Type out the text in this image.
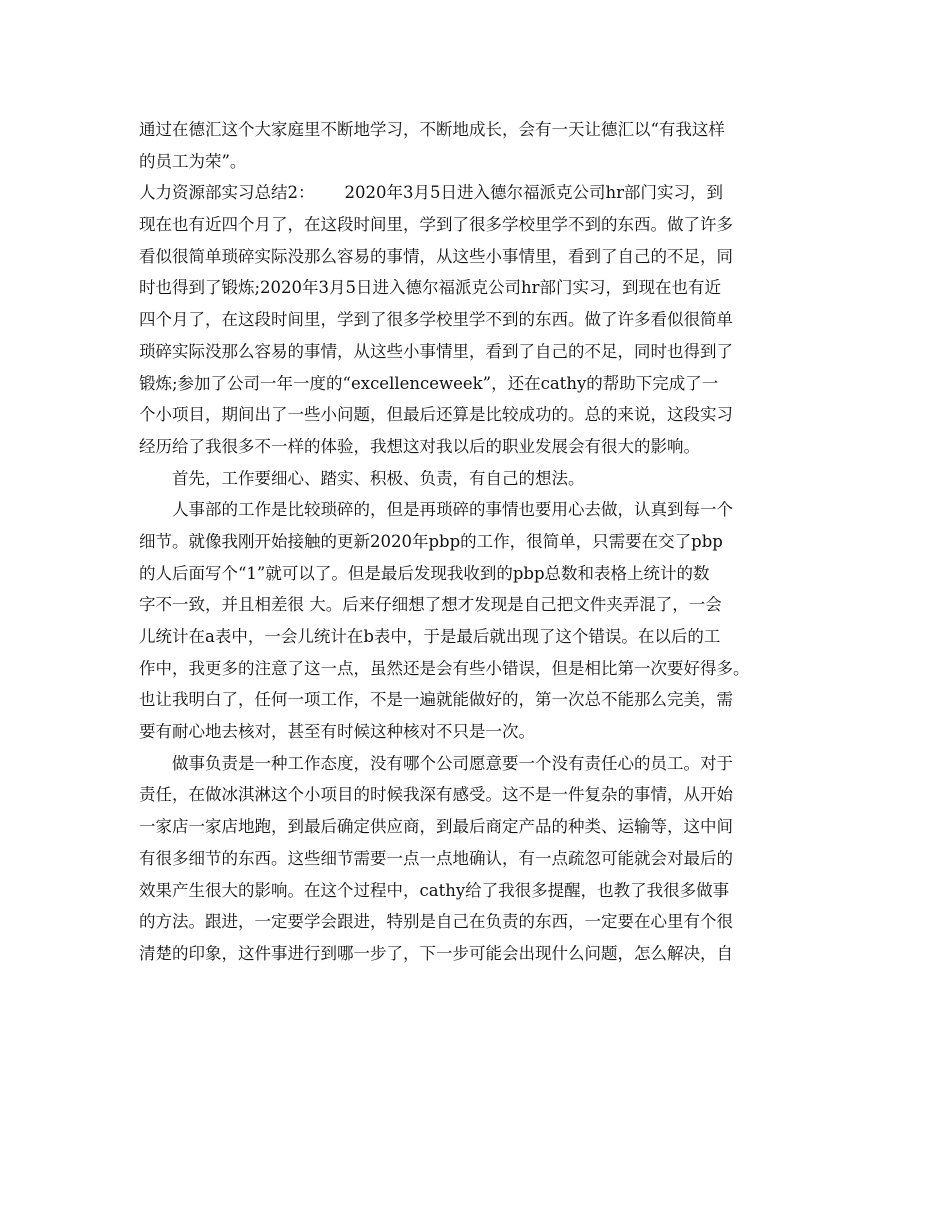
通过在德汇这个大家庭里不断地学习，不断地成长，会有一天让德汇以“有我这样
的员工为荣”。
人力资源部实习总结2：　　 2020年3月5日进入德尔福派克公司hr部门实习，到
现在也有近四个月了，在这段时间里，学到了很多学校里学不到的东西。做了许多
看似很简单琐碎实际没那么容易的事情，从这些小事情里，看到了自己的不足，同
时也得到了锻炼;2020年3月5日进入德尔福派克公司hr部门实习，到现在也有近
四个月了，在这段时间里，学到了很多学校里学不到的东西。做了许多看似很简单
琐碎实际没那么容易的事情，从这些小事情里，看到了自己的不足，同时也得到了
锻炼;参加了公司一年一度的“excellenceweek”，还在cathy的帮助下完成了一
个小项目，期间出了一些小问题，但最后还算是比较成功的。总的来说，这段实习
经历给了我很多不一样的体验，我想这对我以后的职业发展会有很大的影响。
首先，工作要细心、踏实、积极、负责，有自己的想法。
人事部的工作是比较琐碎的，但是再琐碎的事情也要用心去做，认真到每一个
细节。就像我刚开始接触的更新2020年pbp的工作，很简单，只需要在交了pbp
的人后面写个“1”就可以了。但是最后发现我收到的pbp总数和表格上统计的数
字不一致，并且相差很 大。后来仔细想了想才发现是自己把文件夹弄混了，一会
儿统计在a表中，一会儿统计在b表中，于是最后就出现了这个错误。在以后的工
作中，我更多的注意了这一点，虽然还是会有些小错误，但是相比第一次要好得多。
也让我明白了，任何一项工作，不是一遍就能做好的，第一次总不能那么完美，需
要有耐心地去核对，甚至有时候这种核对不只是一次。
做事负责是一种工作态度，没有哪个公司愿意要一个没有责任心的员工。对于
责任，在做冰淇淋这个小项目的时候我深有感受。这不是一件复杂的事情，从开始
一家店一家店地跑，到最后确定供应商，到最后商定产品的种类、运输等，这中间
有很多细节的东西。这些细节需要一点一点地确认，有一点疏忽可能就会对最后的
效果产生很大的影响。在这个过程中，cathy给了我很多提醒，也教了我很多做事
的方法。跟进，一定要学会跟进，特别是自己在负责的东西，一定要在心里有个很
清楚的印象，这件事进行到哪一步了，下一步可能会出现什么问题，怎么解决，自
